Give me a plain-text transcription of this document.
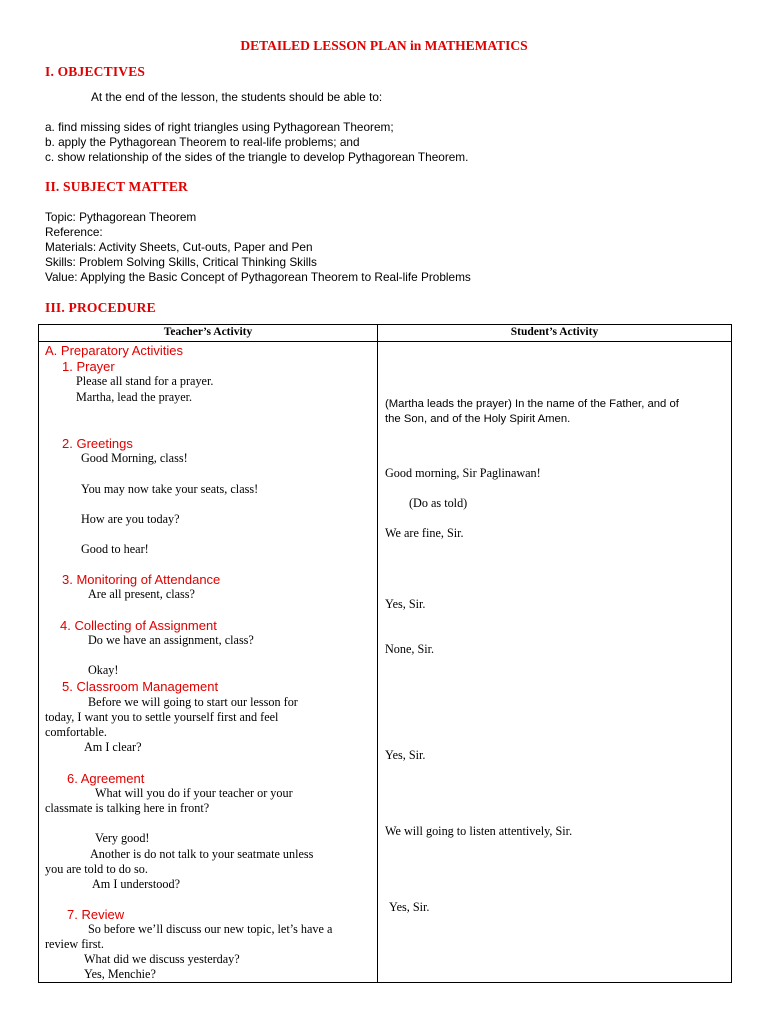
DETAILED LESSON PLAN in MATHEMATICS
I. OBJECTIVES
At the end of the lesson, the students should be able to:
a. find missing sides of right triangles using Pythagorean Theorem;
b. apply the Pythagorean Theorem to real-life problems; and
c. show relationship of the sides of the triangle to develop Pythagorean Theorem.
II. SUBJECT MATTER
Topic: Pythagorean Theorem
Reference:
Materials: Activity Sheets, Cut-outs, Paper and Pen
Skills: Problem Solving Skills, Critical Thinking Skills
Value: Applying the Basic Concept of Pythagorean Theorem to Real-life Problems
III. PROCEDURE
Teacher’s Activity	Student’s Activity
A. Preparatory Activities
1. Prayer
Please all stand for a prayer.
Martha, lead the prayer.
2. Greetings
Good Morning, class!
You may now take your seats, class!
How are you today?
Good to hear!
3. Monitoring of Attendance
Are all present, class?
4. Collecting of Assignment
Do we have an assignment, class?
Okay!
5. Classroom Management
Before we will going to start our lesson for
today, I want you to settle yourself first and feel
comfortable.
Am I clear?
6. Agreement
What will you do if your teacher or your
classmate is talking here in front?
Very good!
Another is do not talk to your seatmate unless
you are told to do so.
Am I understood?
7. Review
So before we’ll discuss our new topic, let’s have a
review first.
What did we discuss yesterday?
Yes, Menchie?
(Martha leads the prayer) In the name of the Father, and of
the Son, and of the Holy Spirit Amen.
Good morning, Sir Paglinawan!
(Do as told)
We are fine, Sir.
Yes, Sir.
None, Sir.
Yes, Sir.
We will going to listen attentively, Sir.
Yes, Sir.
